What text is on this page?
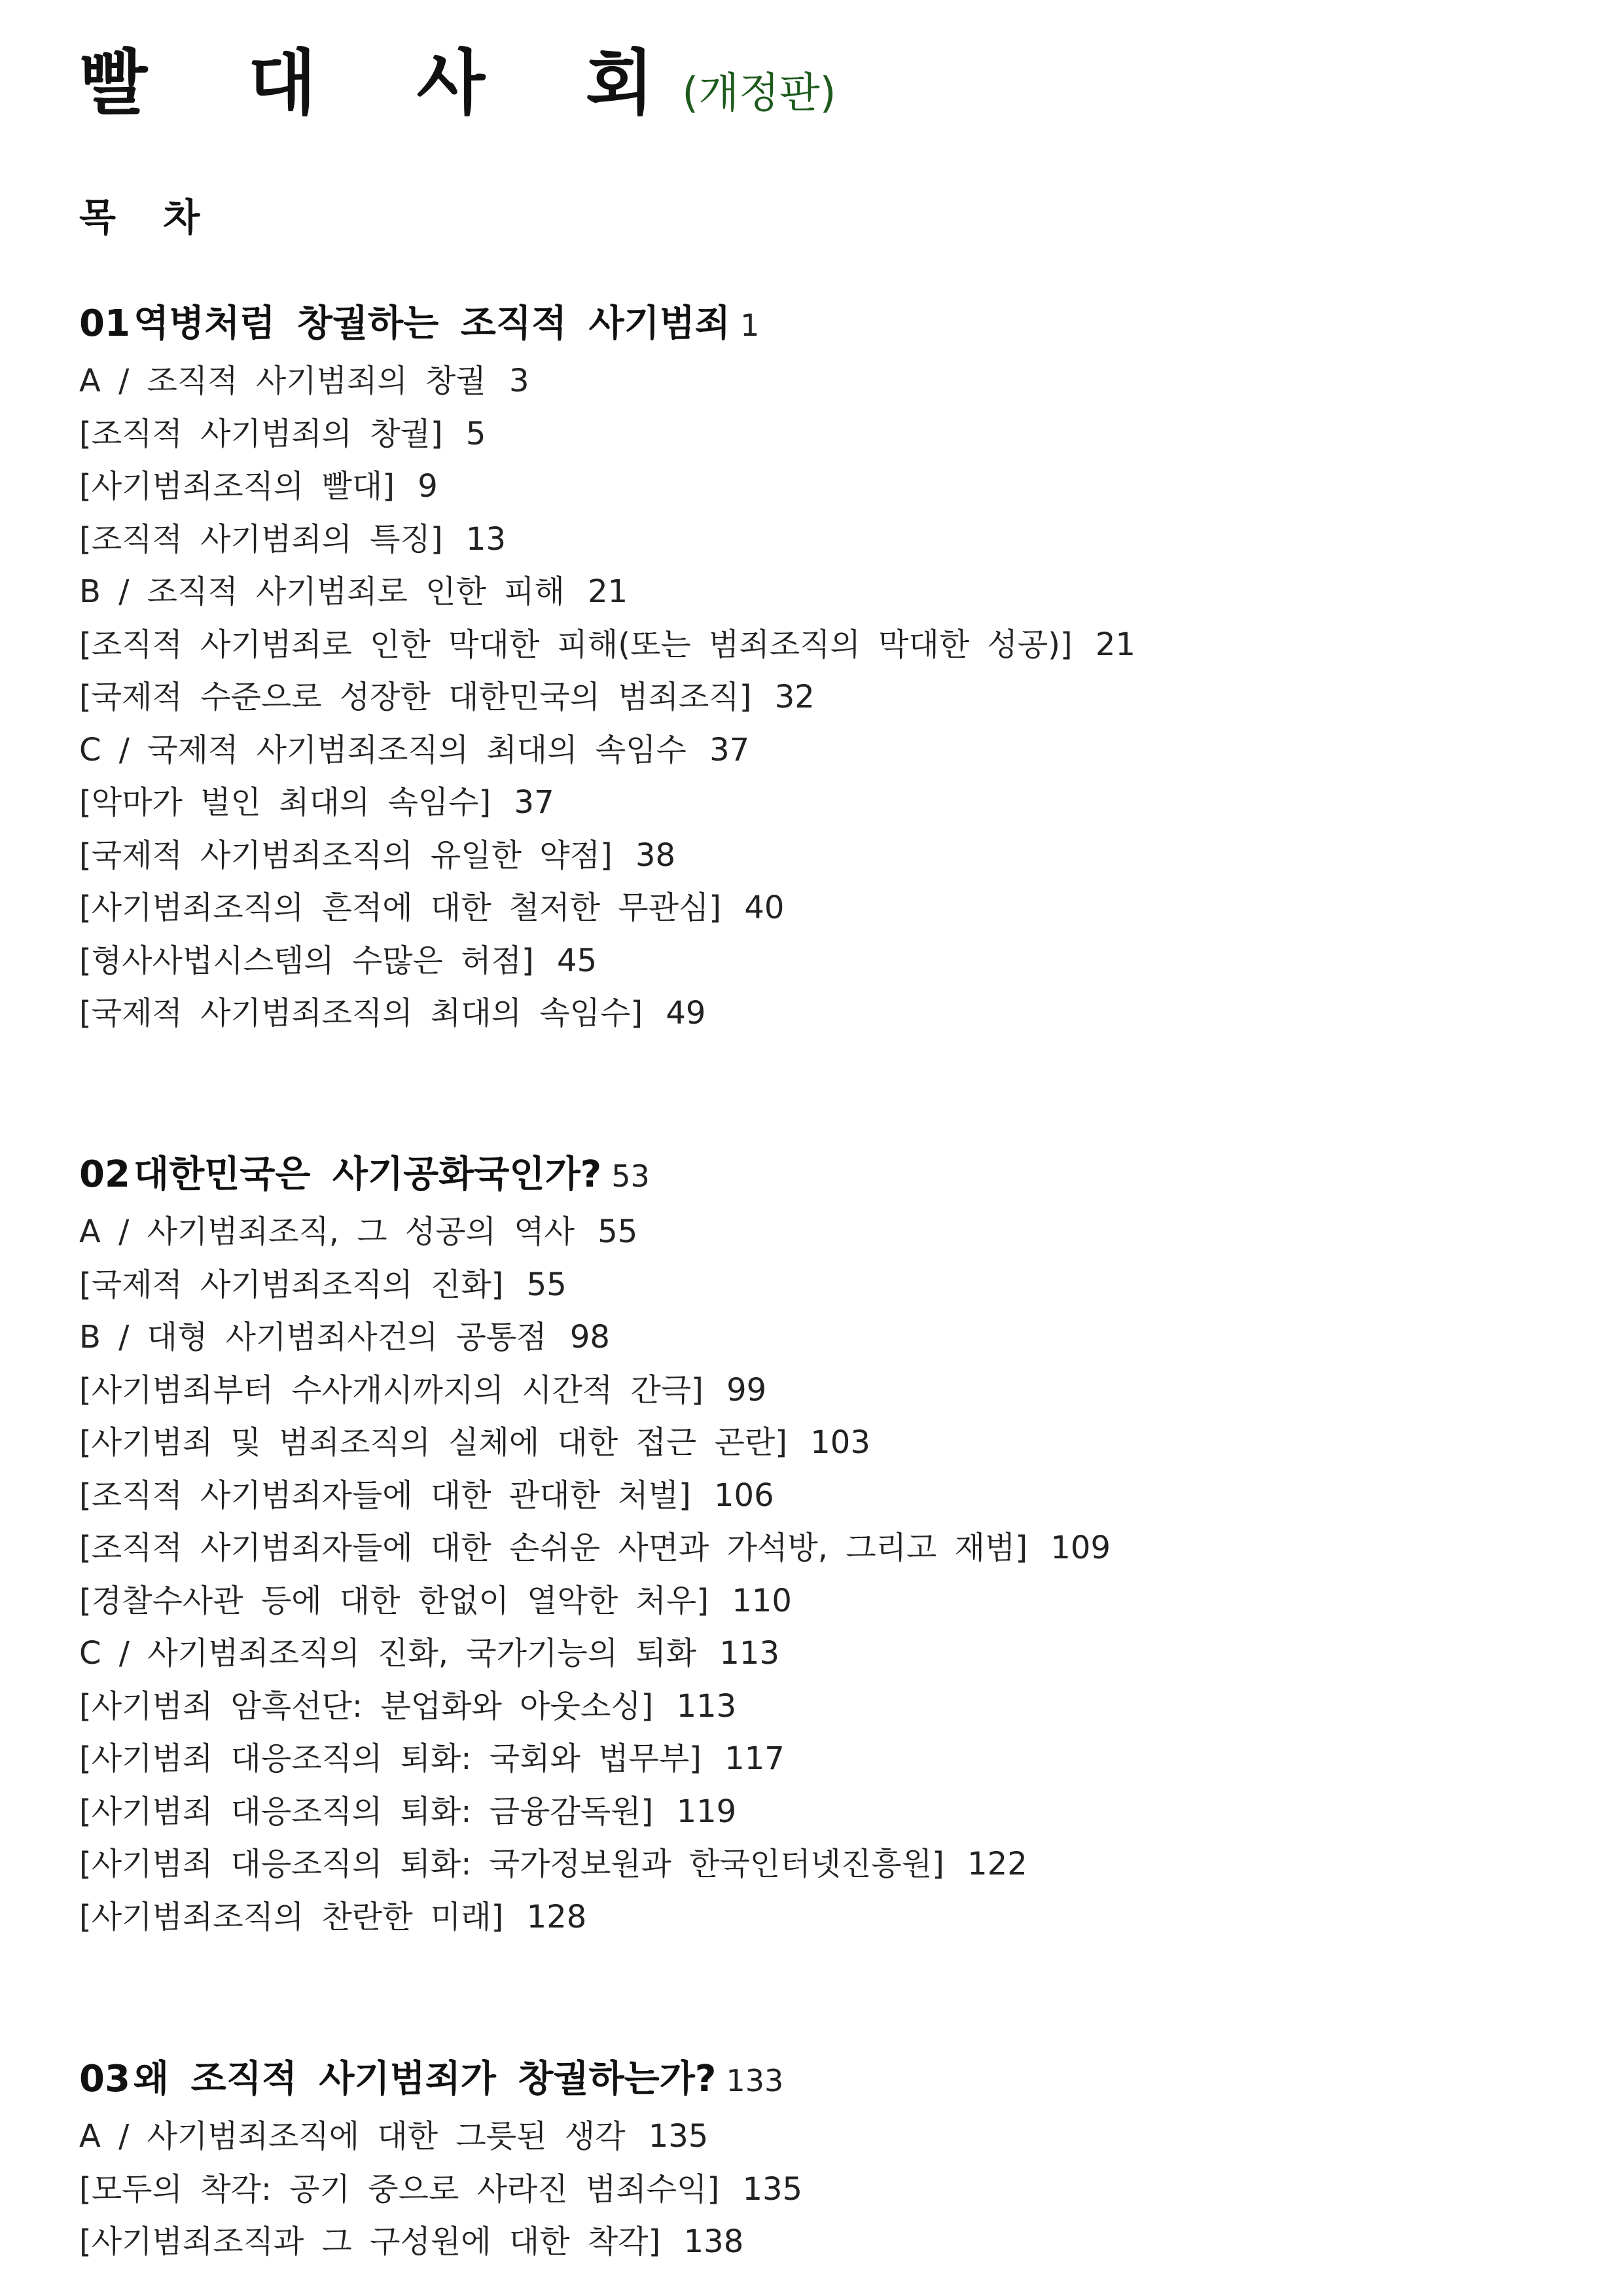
빨 대 사 회 (개정판)
목 차
01 역병처럼 창궐하는 조직적 사기범죄 1
A / 조직적 사기범죄의 창궐 3
[조직적 사기범죄의 창궐] 5
[사기범죄조직의 빨대] 9
[조직적 사기범죄의 특징] 13
B / 조직적 사기범죄로 인한 피해 21
[조직적 사기범죄로 인한 막대한 피해(또는 범죄조직의 막대한 성공)] 21
[국제적 수준으로 성장한 대한민국의 범죄조직] 32
C / 국제적 사기범죄조직의 최대의 속임수 37
[악마가 벌인 최대의 속임수] 37
[국제적 사기범죄조직의 유일한 약점] 38
[사기범죄조직의 흔적에 대한 철저한 무관심] 40
[형사사법시스템의 수많은 허점] 45
[국제적 사기범죄조직의 최대의 속임수] 49
02 대한민국은 사기공화국인가? 53
A / 사기범죄조직, 그 성공의 역사 55
[국제적 사기범죄조직의 진화] 55
B / 대형 사기범죄사건의 공통점 98
[사기범죄부터 수사개시까지의 시간적 간극] 99
[사기범죄 및 범죄조직의 실체에 대한 접근 곤란] 103
[조직적 사기범죄자들에 대한 관대한 처벌] 106
[조직적 사기범죄자들에 대한 손쉬운 사면과 가석방, 그리고 재범] 109
[경찰수사관 등에 대한 한없이 열악한 처우] 110
C / 사기범죄조직의 진화, 국가기능의 퇴화 113
[사기범죄 암흑선단: 분업화와 아웃소싱] 113
[사기범죄 대응조직의 퇴화: 국회와 법무부] 117
[사기범죄 대응조직의 퇴화: 금융감독원] 119
[사기범죄 대응조직의 퇴화: 국가정보원과 한국인터넷진흥원] 122
[사기범죄조직의 찬란한 미래] 128
03 왜 조직적 사기범죄가 창궐하는가? 133
A / 사기범죄조직에 대한 그릇된 생각 135
[모두의 착각: 공기 중으로 사라진 범죄수익] 135
[사기범죄조직과 그 구성원에 대한 착각] 138
